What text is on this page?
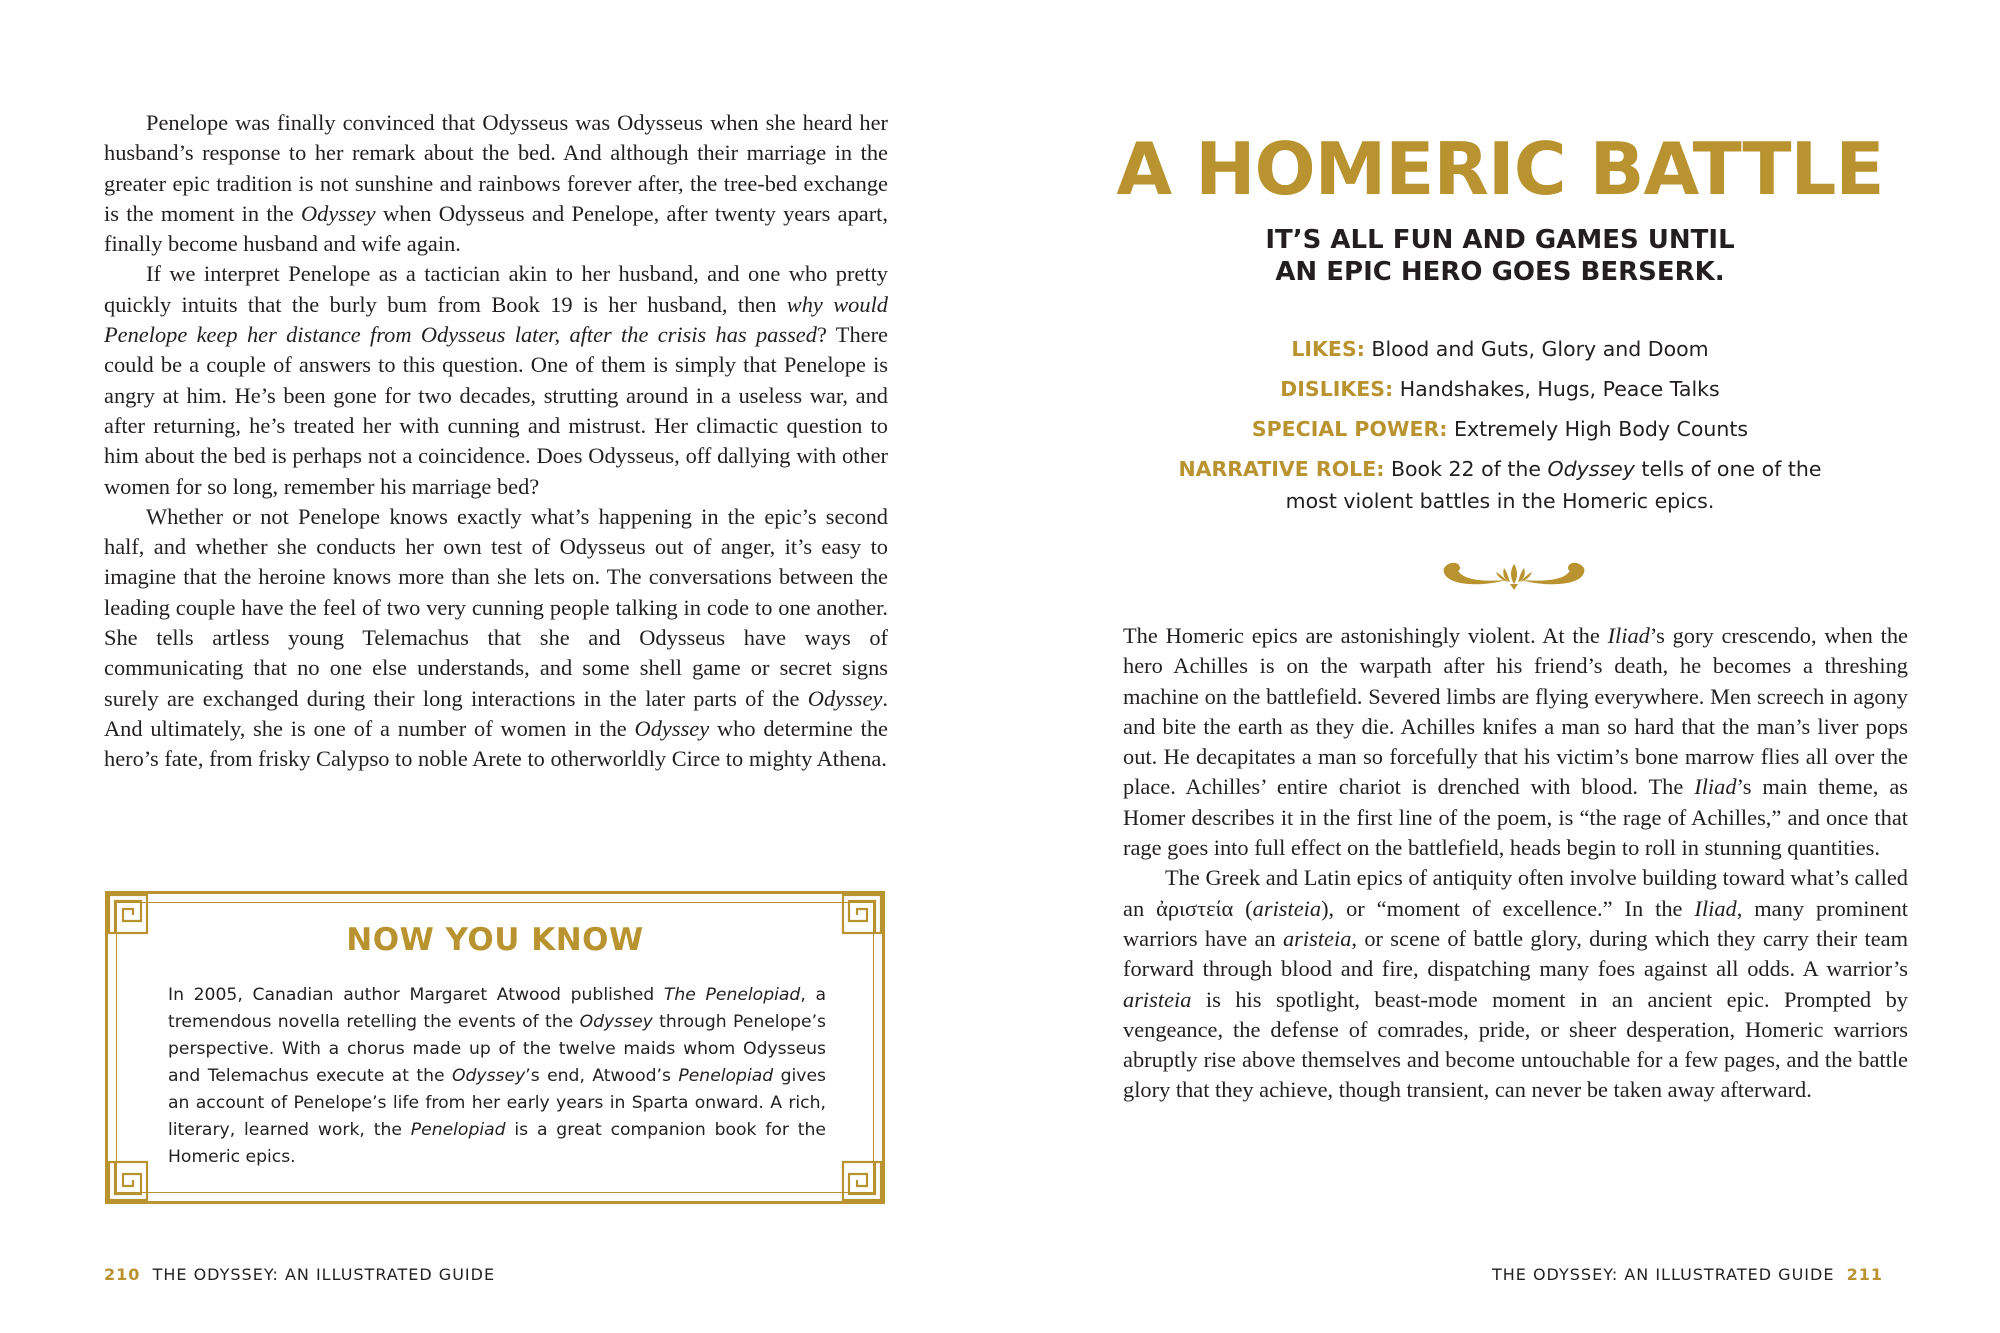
Penelope was finally convinced that Odysseus was Odysseus when she heard her husband’s response to her remark about the bed. And although their marriage in the greater epic tradition is not sunshine and rainbows forever after, the tree-bed exchange is the moment in the Odyssey when Odysseus and Penelope, after twenty years apart, finally become husband and wife again.

If we interpret Penelope as a tactician akin to her husband, and one who pretty quickly intuits that the burly bum from Book 19 is her husband, then why would Penelope keep her distance from Odysseus later, after the crisis has passed? There could be a couple of answers to this question. One of them is simply that Penelope is angry at him. He’s been gone for two decades, strutting around in a useless war, and after returning, he’s treated her with cunning and mistrust. Her climactic question to him about the bed is perhaps not a coincidence. Does Odysseus, off dallying with other women for so long, remember his marriage bed?

Whether or not Penelope knows exactly what’s happening in the epic’s second half, and whether she conducts her own test of Odysseus out of anger, it’s easy to imagine that the heroine knows more than she lets on. The conversations between the leading couple have the feel of two very cunning people talking in code to one another. She tells artless young Telemachus that she and Odysseus have ways of communicating that no one else understands, and some shell game or secret signs surely are exchanged during their long interactions in the later parts of the Odyssey. And ultimately, she is one of a number of women in the Odyssey who determine the hero’s fate, from frisky Calypso to noble Arete to otherworldly Circe to mighty Athena.

NOW YOU KNOW
In 2005, Canadian author Margaret Atwood published The Penelopiad, a tremendous novella retelling the events of the Odyssey through Penelope’s perspective. With a chorus made up of the twelve maids whom Odysseus and Telemachus execute at the Odyssey’s end, Atwood’s Penelopiad gives an account of Penelope’s life from her early years in Sparta onward. A rich, literary, learned work, the Penelopiad is a great companion book for the Homeric epics.
210 THE ODYSSEY: AN ILLUSTRATED GUIDE
A HOMERIC BATTLE
IT’S ALL FUN AND GAMES UNTIL
AN EPIC HERO GOES BERSERK.
LIKES: Blood and Guts, Glory and Doom
DISLIKES: Handshakes, Hugs, Peace Talks
SPECIAL POWER: Extremely High Body Counts
NARRATIVE ROLE: Book 22 of the Odyssey tells of one of the most violent battles in the Homeric epics.

The Homeric epics are astonishingly violent. At the Iliad’s gory crescendo, when the hero Achilles is on the warpath after his friend’s death, he becomes a threshing machine on the battlefield. Severed limbs are flying everywhere. Men screech in agony and bite the earth as they die. Achilles knifes a man so hard that the man’s liver pops out. He decapitates a man so forcefully that his victim’s bone marrow flies all over the place. Achilles’ entire chariot is drenched with blood. The Iliad’s main theme, as Homer describes it in the first line of the poem, is “the rage of Achilles,” and once that rage goes into full effect on the battlefield, heads begin to roll in stunning quantities.

The Greek and Latin epics of antiquity often involve building toward what’s called an ἀριστεία (aristeia), or “moment of excellence.” In the Iliad, many prominent warriors have an aristeia, or scene of battle glory, during which they carry their team forward through blood and fire, dispatching many foes against all odds. A warrior’s aristeia is his spotlight, beast-mode moment in an ancient epic. Prompted by vengeance, the defense of comrades, pride, or sheer desperation, Homeric warriors abruptly rise above themselves and become untouchable for a few pages, and the battle glory that they achieve, though transient, can never be taken away afterward.

THE ODYSSEY: AN ILLUSTRATED GUIDE 211
